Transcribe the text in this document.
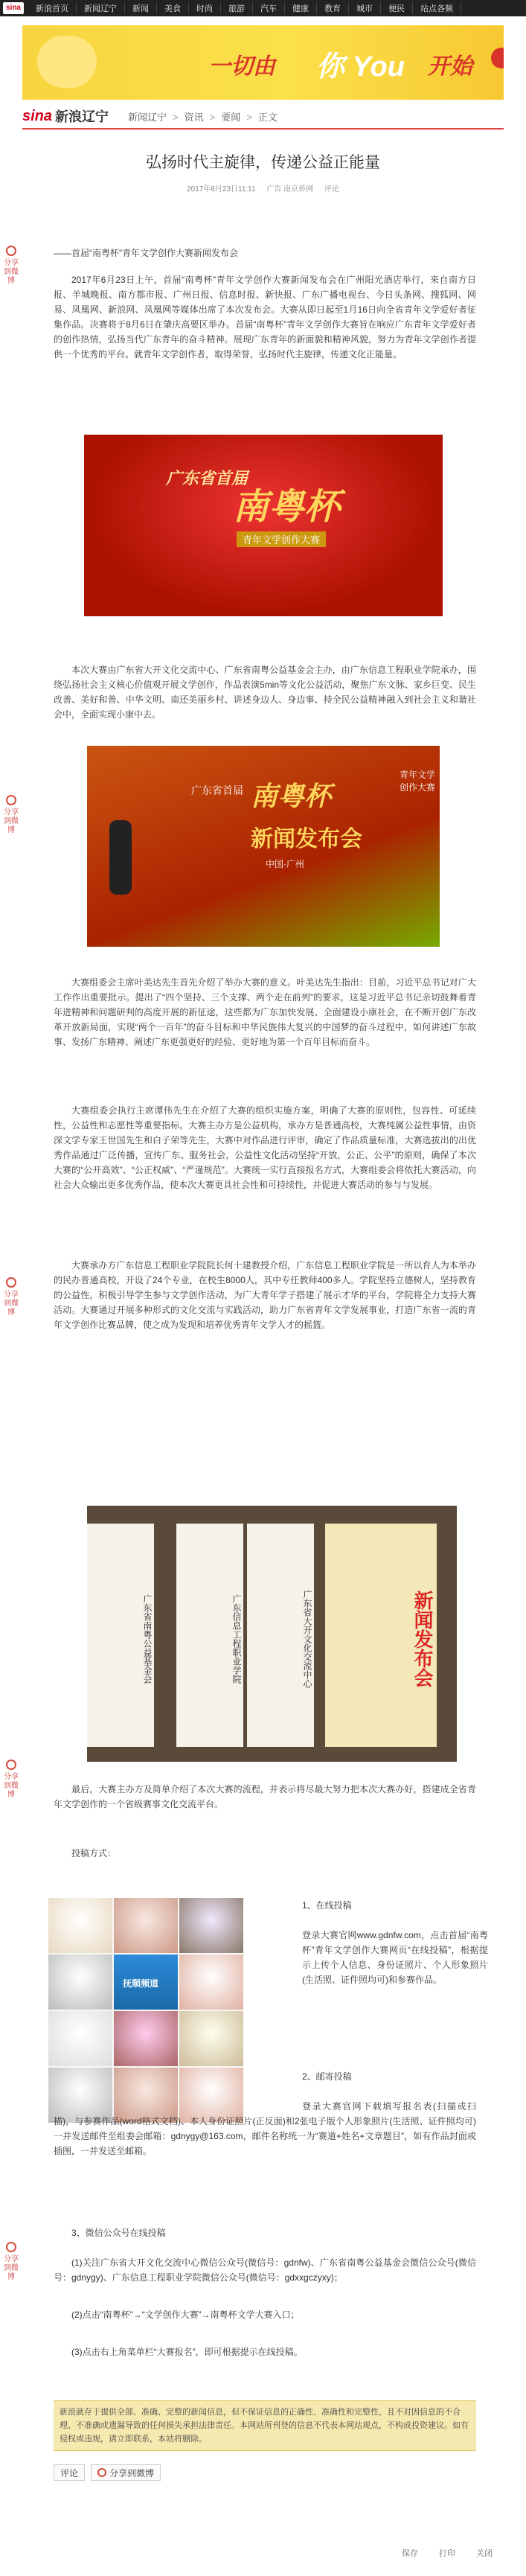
sina	新浪首页	新闻辽宁	新闻	美食	时尚	旅游	汽车	健康	教育	城市	便民	站点各频
一切由 你 You 开始
sina 新浪辽宁 新闻辽宁 > 资讯 > 要闻 > 正文
分享到微博
分享到微博
分享到微博
分享到微博
分享到微博
弘扬时代主旋律，传递公益正能量
2017年6月23日11:11 广告 南京侨网 评论
——首届“南粤杯”青年文学创作大赛新闻发布会
2017年6月23日上午，首届“南粤杯”青年文学创作大赛新闻发布会在广州阳光酒店举行，来自南方日报、羊城晚报、南方都市报、广州日报、信息时报、新快报、广东广播电视台、今日头条网、搜狐网、网易、凤凰网、新浪网、凤凰网等媒体出席了本次发布会。大赛从即日起至1月16日向全省青年文学爱好者征集作品。决赛将于8月6日在肇庆高要区举办。首届“南粤杯”青年文学创作大赛旨在响应广东青年文学爱好者的创作热情，弘扬当代广东青年的奋斗精神。展现广东青年的新面貌和精神风貌，努力为青年文学创作者提供一个优秀的平台。就青年文学创作者，取得荣誉，弘扬时代主旋律，传递文化正能量。
本次大赛由广东省大开文化交流中心、广东省南粤公益基金会主办，由广东信息工程职业学院承办，围绕弘扬社会主义核心价值观开展文学创作，作品表演5min等文化公益活动，聚焦广东文脉、家乡巨变、民生改善、美好和善、中华文明、南还美丽乡村、讲述身边人、身边事、持全民公益精神融入到社会主义和谐社会中，全面实现小康中去。
大赛组委会主席叶美达先生首先介绍了举办大赛的意义。叶美达先生指出：目前，习近平总书记对广大工作作出重要批示。提出了“四个坚持、三个支撑、两个走在前列”的要求，这是习近平总书记亲切鼓舞着青年进精神和问题研判的高度开展的新征途，这些都为广东加快发展、全面建设小康社会，在不断开创广东改革开放新局面，实现“两个一百年”的奋斗目标和中华民族伟大复兴的中国梦的奋斗过程中，如何讲述广东故事、发扬广东精神、阐述广东更强更好的经验、更好地为第一个百年目标而奋斗。
大赛组委会执行主席谭伟先生在介绍了大赛的组织实施方案，明确了大赛的原则性，包容性、可延续性，公益性和志愿性等重要指标。大赛主办方是公益机构，承办方是普通高校，大赛纯属公益性事情，由资深文学专家王世国先生和白子荣等先生，大赛中对作品进行评审，确定了作品质量标准，大赛选拔出的出优秀作品通过广泛传播，宣传广东、服务社会，公益性文化活动坚持“开放，公正、公平”的原则，确保了本次大赛的“公开高效”、“公正权威”、“严谨规范”。大赛统一实行直接报名方式，大赛组委会将依托大赛活动，向社会大众输出更多优秀作品，使本次大赛更具社会性和可持续性，并促进大赛活动的参与与发展。
大赛承办方广东信息工程职业学院院长何十建教授介绍，广东信息工程职业学院是一所以育人为本举办的民办普通高校，开设了24个专业，在校生8000人，其中专任教师400多人。学院坚持立德树人，坚持教育的公益性，积极引导学生参与文学创作活动，为广大青年学子搭建了展示才华的平台，学院将全力支持大赛活动。大赛通过开展多种形式的文化交流与实践活动，助力广东省青年文学发展事业，打造广东省一流的青年文学创作比赛品牌，使之成为发现和培养优秀青年文学人才的摇篮。
最后，大赛主办方及简单介绍了本次大赛的流程，并表示将尽最大努力把本次大赛办好，搭建成全省青年文学创作的一个省级赛事文化交流平台。
投稿方式：
广东省首届
南粤杯
青年文学创作大赛
广东省首届 南粤杯
青年文学创作大赛
新闻发布会
中国·广州
广东省南粤公益基金会	广东信息工程职业学院	广东省大开文化交流中心	新闻发布会
抚顺频道
1、在线投稿
登录大赛官网www.gdnfw.com，点击首届“南粤杯”青年文学创作大赛网页“在线投稿”，根据提示上传个人信息、身份证照片、个人形象照片(生活照、证件照均可)和参赛作品。
2、邮寄投稿
登录大赛官网下载填写报名表(扫描或扫描)，与参赛作品(word格式文档)、本人身份证照片(正反面)和2张电子版个人形象照片(生活照、证件照均可)一并发送邮件至组委会邮箱：gdnygy@163.com，邮件名称统一为“赛道+姓名+文章题目”，如有作品封面或插图，一并发送至邮箱。
3、微信公众号在线投稿
(1)关注广东省大开文化交流中心微信公众号(微信号：gdnfw)、广东省南粤公益基金会微信公众号(微信号：gdnygy)、广东信息工程职业学院微信公众号(微信号：gdxxgczyxy)；
(2)点击“南粤杯”→“文学创作大赛”→南粤杯文学大赛入口；
(3)点击右上角菜单栏“大赛报名”，即可根据提示在线投稿。
新浪就存于提供全部、准确、完整的新闻信息，但不保证信息的正确性、准确性和完整性，且不对因信息的不合理、不准确或遗漏导致的任何损失承担法律责任。本网站所刊登的信息不代表本网站观点，不构成投资建议。如有侵权或违规，请立即联系，本站将删除。
评论	分享到微博
保存	打印	关闭
